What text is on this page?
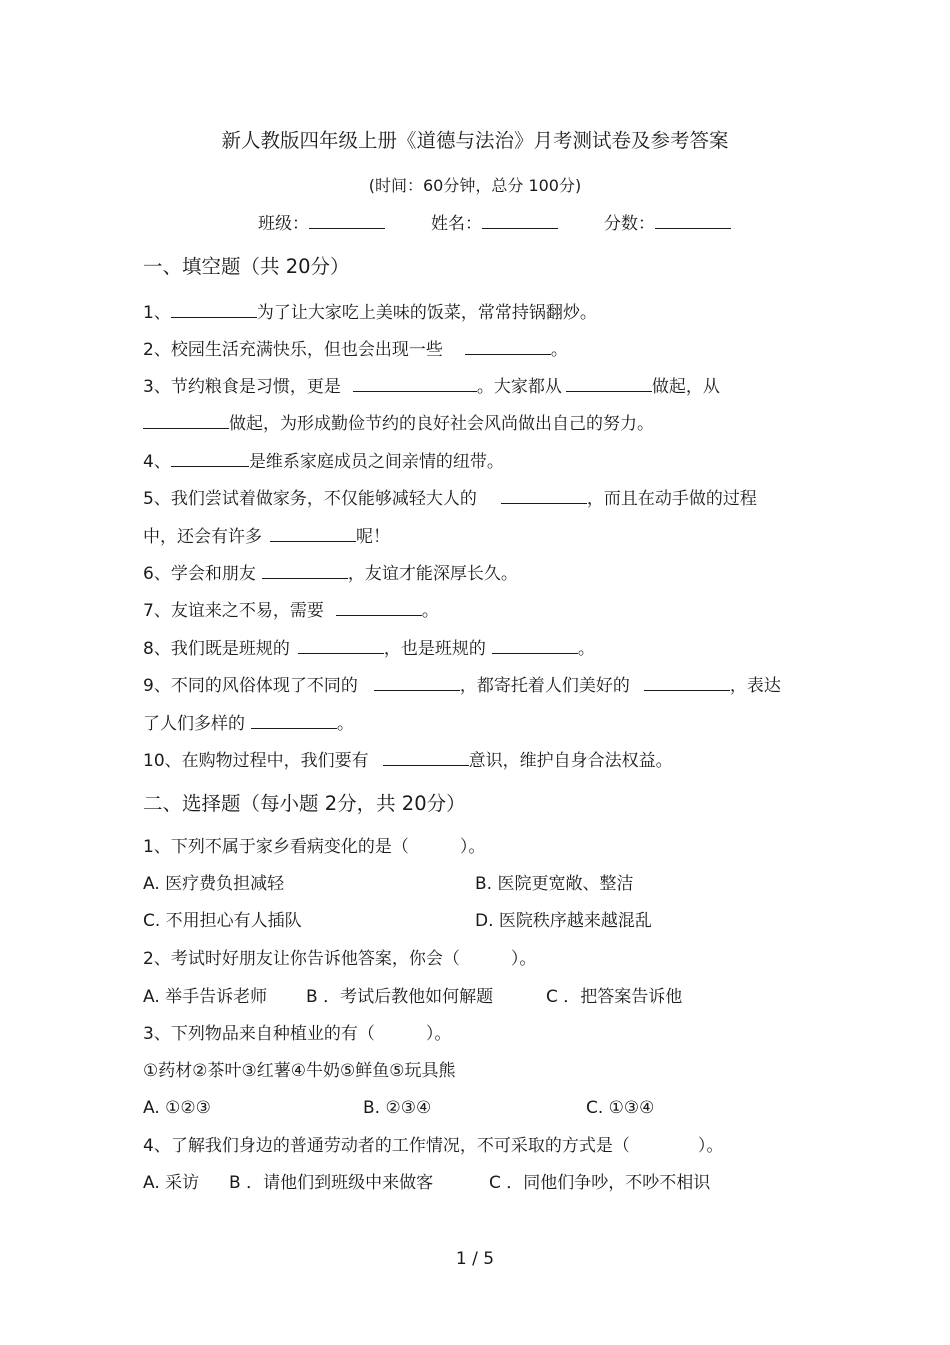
新人教版四年级上册《道德与法治》月考测试卷及参考答案
(时间：60分钟，总分 100分)
班级：	姓名：	分数：
一、填空题（共 20分）
1、	为了让大家吃上美味的饭菜，常常持锅翻炒。
2、校园生活充满快乐，但也会出现一些	。
3、节约粮食是习惯，更是	。大家都从	做起，从
做起，为形成勤俭节约的良好社会风尚做出自己的努力。
4、	是维系家庭成员之间亲情的纽带。
5、我们尝试着做家务，不仅能够减轻大人的	，而且在动手做的过程
中，还会有许多	呢！
6、学会和朋友	，友谊才能深厚长久。
7、友谊来之不易，需要	。
8、我们既是班规的	，也是班规的	。
9、不同的风俗体现了不同的	，都寄托着人们美好的	，表达
了人们多样的	。
10、在购物过程中，我们要有	意识，维护自身合法权益。
二、选择题（每小题 2分，共 20分）
1、下列不属于家乡看病变化的是（　　　）。
A. 医疗费负担减轻	B. 医院更宽敞、整洁
C. 不用担心有人插队	D. 医院秩序越来越混乱
2、考试时好朋友让你告诉他答案，你会（　　　）。
A. 举手告诉老师 B ．考试后教他如何解题	C ．把答案告诉他
3、下列物品来自种植业的有（　　　）。
①药材②茶叶③红薯④牛奶⑤鲜鱼⑤玩具熊
A. ①②③	B. ②③④	C. ①③④
4、了解我们身边的普通劳动者的工作情况，不可采取的方式是（　　　　）。
A. 采访 B ．请他们到班级中来做客	C ．同他们争吵，不吵不相识
1 / 5
